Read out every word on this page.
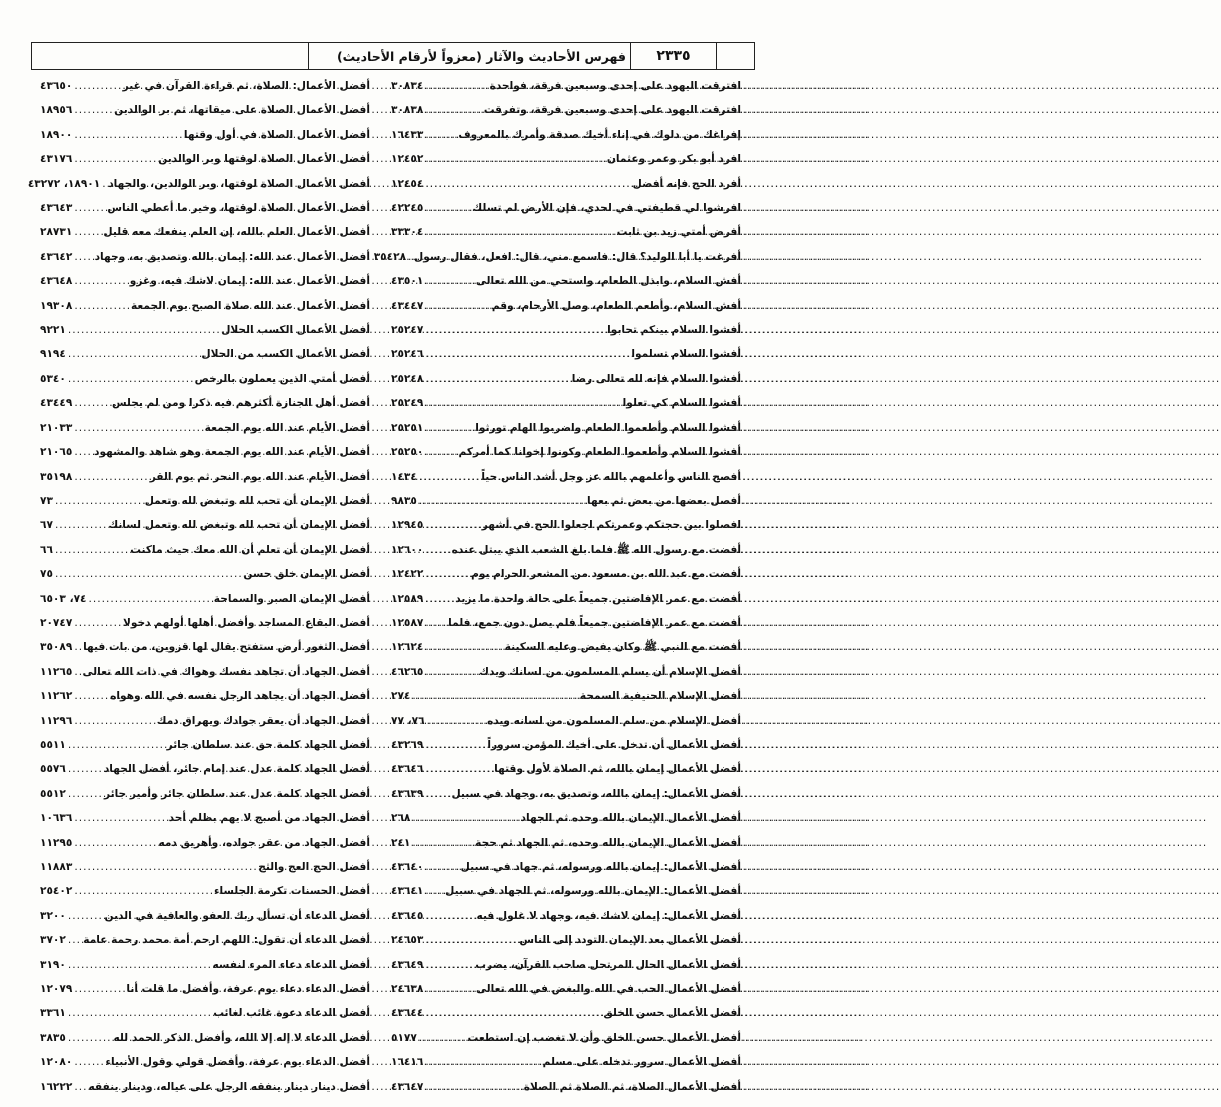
٢٣٣٥
فهرس الأحاديث والآثار (معزواً لأرقام الأحاديث)
افترقت اليهود على إحدى وسبعين فرقة، فواحدة
.....
٣٠٨٣٤
افترقت اليهود على إحدى وسبعين فرقة، وتفرقت
.....
٣٠٨٣٨
إفراغك من دلوك في إناء أخيك صدقة وأمرك بالمعروف
.....
١٦٤٣٣
افرد أبو بكر وعمر وعثمان
.....
١٢٤٥٢
أفرد الحج فإنه أفضل
.....
١٢٤٥٤
افرشوا لي قطيفتي في لحدي، فإن الأرض لم تسلك
.....
٤٢٢٤٥
أفرض أمتي زيد بن ثابت
.....
٣٣٣٠٤
أفرغت يا أبا الوليد؟ قال: فاسمع مني، قال: افعل، فقال رسول
.....
٣٥٤٢٨
أفش السلام، وابذل الطعام، واستحي من الله تعالى
.....
٤٣٥٠١
أفش السلام، وأطعم الطعام، وصل الأرحام، وقم
.....
٤٣٤٤٧
أفشوا السلام بينكم تحابوا
.....
٢٥٢٤٧
أفشوا السلام تسلموا
.....
٢٥٢٤٦
أفشوا السلام فإنه لله تعالى رضا
.....
٢٥٢٤٨
أفشوا السلام كي تعلوا
.....
٢٥٢٤٩
أفشوا السلام وأطعموا الطعام واضربوا الهام تورثوا
.....
٢٥٢٥١
أفشوا السلام وأطعموا الطعام وكونوا إخوانا كما أمركم
.....
٢٥٢٥٠
أفصح الناس وأعلمهم بالله عز وجل أشد الناس حياً
.....
١٤٣٤
أفصل بعضها من بعض ثم بعها
.....
٩٨٣٥
افصلوا بين حجتكم وعمرتكم اجعلوا الحج في أشهر
.....
١٢٩٤٥
أفضت مع رسول الله ﷺ فلما بلغ الشعب الذي يبتل عنده
.....
١٢٦٠٠
أفضت مع عبد الله بن مسعود من المشعر الحرام يوم
.....
١٢٤٢٢
أفضت مع عمر الإفاضتين جميعاً على حالة واحدة ما يزيد
.....
١٢٥٨٩
أفضت مع عمر الإفاضتين جميعاً فلم يصل دون جمع، فلما
.....
١٢٥٨٧
أفضت مع النبي ﷺ وكان يفيض وعليه السكينة
.....
١٢٦٢٤
أفضل الإسلام أن يسلم المسلمون من لسانك ويدك
.....
٤٦٢٦٥
أفضل الإسلام الحنيفية السمحة
.....
٢٧٤
أفضل الإسلام من سلم المسلمون من لسانه ويده
.....
٧٦، ٧٧
أفضل الأعمال أن تدخل على أخيك المؤمن سروراً
.....
٤٣٢٦٩
أفضل الأعمال إيمان بالله، ثم الصلاة لأول وقتها
.....
٤٣٦٤٦
أفضل الأعمال: إيمان بالله، وتصديق به، وجهاد في سبيل
.....
٤٣٦٣٩
أفضل الأعمال الإيمان بالله وحده ثم الجهاد
.....
٢٦٨
أفضل الأعمال الإيمان بالله وحده، ثم الجهاد ثم حجة
.....
٢٤١
أفضل الأعمال: إيمان بالله ورسوله، ثم جهاد في سبيل
.....
٤٣٦٤٠
أفضل الأعمال: الإيمان بالله ورسوله، ثم الجهاد في سبيل
.....
٤٣٦٤١
أفضل الأعمال: إيمان لاشك فيه، وجهاد لا غلول فيه
.....
٤٣٦٤٥
أفضل الأعمال بعد الإيمان التودد إلى الناس
.....
٢٤٦٥٣
أفضل الأعمال الحال المرتحل صاحب القرآن، يضرب
.....
٤٣٦٤٩
أفضل الأعمال الحب في الله والبغض في الله تعالى
.....
٢٤٦٣٨
أفضل الأعمال حسن الخلق
.....
٤٣٦٤٤
أفضل الأعمال حسن الخلق وأن لا تغضب إن استطعت
.....
٥١٧٧
أفضل الأعمال سرور تدخله على مسلم
.....
١٦٤١٦
أفضل الأعمال الصلاة، ثم الصلاة ثم الصلاة
.....
٤٣٦٤٧
أفضل الأعمال: الصلاة، ثم قراءة القرآن في غير
.....
٤٣٦٥٠
أفضل الأعمال الصلاة على ميقاتها، ثم بر الوالدين
.....
١٨٩٥٦
أفضل الأعمال الصلاة في أول وقتها
.....
١٨٩٠٠
أفضل الأعمال الصلاة لوقتها وبر الوالدين
.....
٤٣١٧٦
أفضل الأعمال الصلاة لوقتها، وبر الوالدين، والجهاد
.....
١٨٩٠١، ٤٣٢٧٢
أفضل الأعمال الصلاة لوقتها، وخير ما أعطي الناس
.....
٤٣٦٤٣
أفضل الأعمال العلم بالله، إن العلم ينفعك معه قليل
.....
٢٨٧٣١
أفضل الأعمال عند الله: إيمان بالله وتصديق به، وجهاد
.....
٤٣٦٤٢
أفضل الأعمال عند الله: إيمان لاشك فيه، وغزو
.....
٤٣٦٤٨
أفضل الأعمال عند الله صلاة الصبح يوم الجمعة
.....
١٩٣٠٨
أفضل الأعمال الكسب الحلال
.....
٩٢٢١
أفضل الأعمال الكسب من الحلال
.....
٩١٩٤
أفضل أمتي الذين يعملون بالرخص
.....
٥٣٤٠
أفضل أهل الجنازة أكثرهم فيه ذكرا ومن لم يجلس
.....
٤٣٤٤٩
أفضل الأيام عند الله يوم الجمعة
.....
٢١٠٣٣
أفضل الأيام عند الله يوم الجمعة وهو شاهد والمشهود
.....
٢١٠٦٥
أفضل الأيام عند الله يوم النحر ثم يوم القر
.....
٣٥١٩٨
أفضل الإيمان أن تحب لله وتبغض لله وتعمل
.....
٧٣
أفضل الإيمان أن تحب لله وتبغض لله وتعمل لسانك
.....
٦٧
أفضل الإيمان أن تعلم أن الله معك حيث ماكنت
.....
٦٦
أفضل الإيمان خلق حسن
.....
٧٥
أفضل الإيمان الصبر والسماحة
.....
٧٤، ٦٥٠٣
أفضل البقاع المساجد وأفضل أهلها أولهم دخولا
.....
٢٠٧٤٧
أفضل الثغور أرض ستفتح يقال لها قزوين، من بات فيها
.....
٣٥٠٨٩
أفضل الجهاد أن تجاهد نفسك وهواك في ذات الله تعالى
.....
١١٢٦٥
أفضل الجهاد أن يجاهد الرجل نفسه في الله وهواه
.....
١١٢٦٢
أفضل الجهاد أن يعقر جوادك ويهراق دمك
.....
١١٢٩٦
أفضل الجهاد كلمة حق عند سلطان جائر
.....
٥٥١١
أفضل الجهاد كلمة عدل عند إمام جائر، أفضل الجهاد
.....
٥٥٧٦
أفضل الجهاد كلمة عدل عند سلطان جائر وأمير جائر
.....
٥٥١٢
أفضل الجهاد من أصبح لا يهم بظلم أحد
.....
١٠٦٣٦
أفضل الجهاد من عقر جواده، وأهريق دمه
.....
١١٢٩٥
أفضل الحج العج والثج
.....
١١٨٨٣
أفضل الحسنات تكرمة الجلساء
.....
٢٥٤٠٢
أفضل الدعاء أن تسأل ربك العفو والعافية في الدين
.....
٣٢٠٠
أفضل الدعاء أن تقول: اللهم ارحم أمة محمد رحمة عامة
.....
٣٧٠٢
أفضل الدعاء دعاء المرء لنفسه
.....
٣١٩٠
أفضل الدعاء دعاء يوم عرفة، وأفضل ما قلت أنا
.....
١٢٠٧٩
أفضل الدعاء دعوة غائب لغائب
.....
٣٣٦١
أفضل الدعاء لا إله إلا الله، وأفضل الذكر الحمد لله
.....
٣٨٣٥
أفضل الدعاء يوم عرفة، وأفضل قولي وقول الأنبياء
.....
١٢٠٨٠
أفضل دينار دينار ينفقه الرجل على عياله، ودينار ينفقه
.....
١٦٢٢٢
